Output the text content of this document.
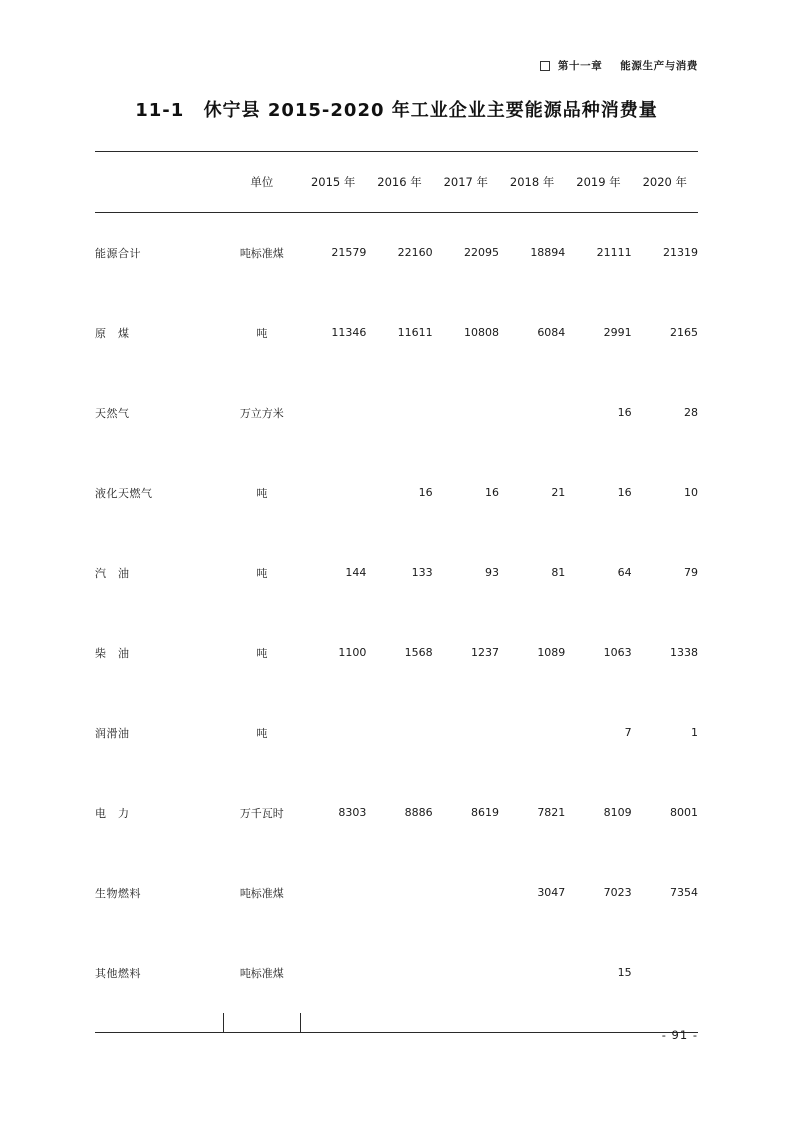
第十一章 能源生产与消费
11-1 休宁县 2015-2020 年工业企业主要能源品种消费量
	单位	2015 年	2016 年	2017 年	2018 年	2019 年	2020 年
能源合计	吨标准煤	21579	22160	22095	18894	21111	21319
原　煤	吨	11346	11611	10808	6084	2991	2165
天然气	万立方米					16	28
液化天燃气	吨		16	16	21	16	10
汽　油	吨	144	133	93	81	64	79
柴　油	吨	1100	1568	1237	1089	1063	1338
润滑油	吨					7	1
电　力	万千瓦时	8303	8886	8619	7821	8109	8001
生物燃料	吨标准煤				3047	7023	7354
其他燃料	吨标准煤					15	

- 91 -
